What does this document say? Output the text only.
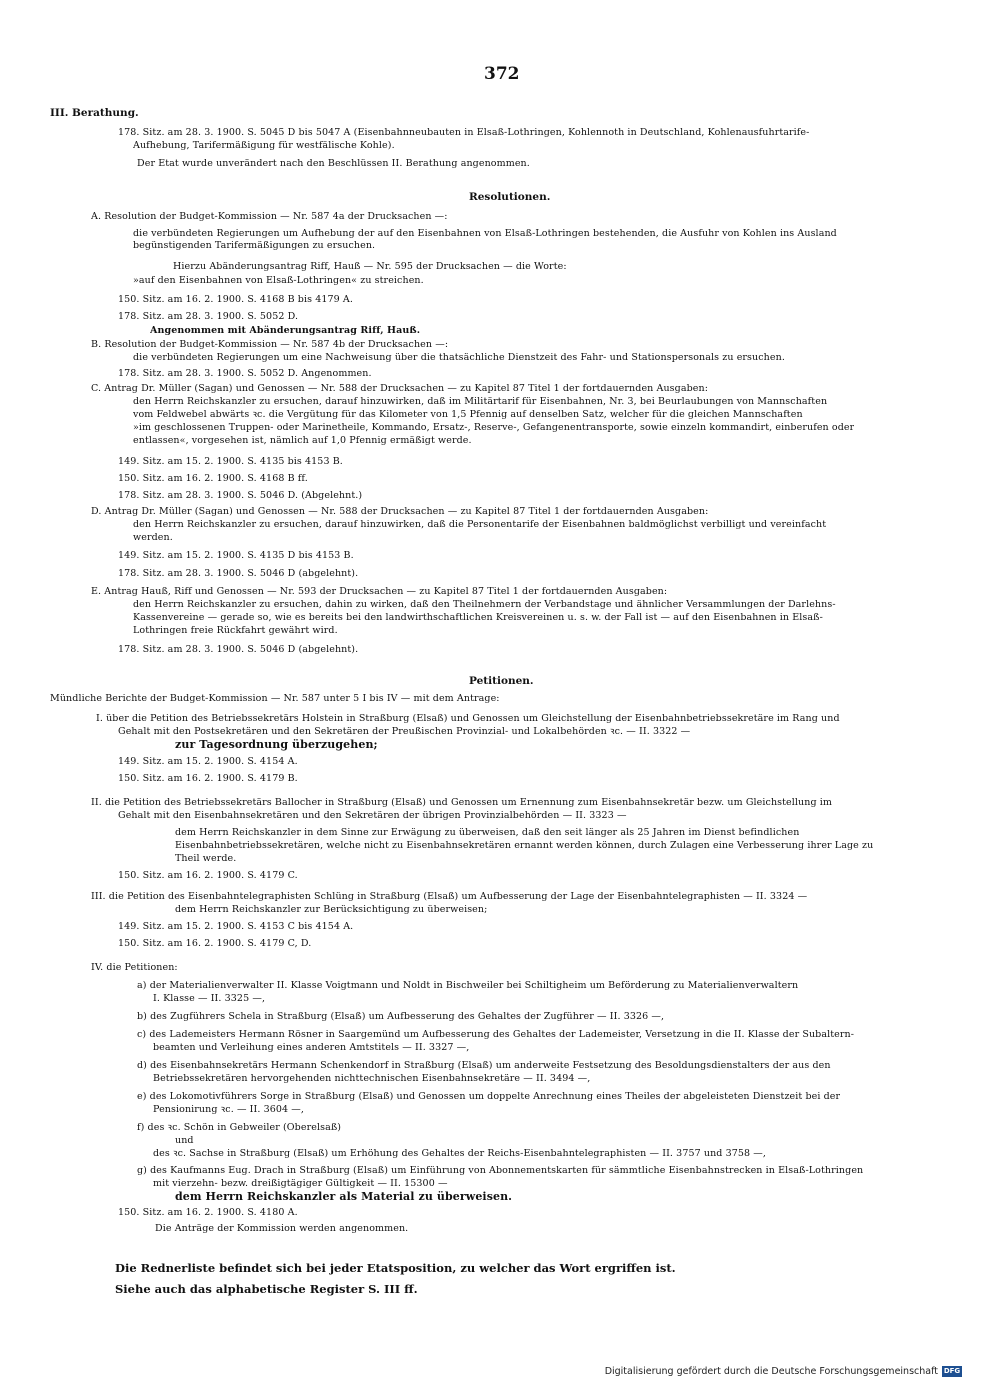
372
III. Berathung.
178. Sitz. am 28. 3. 1900. S. 5045 D bis 5047 A (Eisenbahnneubauten in Elsaß-Lothringen, Kohlennoth in Deutschland, Kohlenausfuhrtarife-
Aufhebung, Tarifermäßigung für westfälische Kohle).
Der Etat wurde unverändert nach den Beschlüssen II. Berathung angenommen.
Resolutionen.
A. Resolution der Budget-Kommission — Nr. 587 4a der Drucksachen —:
die verbündeten Regierungen um Aufhebung der auf den Eisenbahnen von Elsaß-Lothringen bestehenden, die Ausfuhr von Kohlen ins Ausland
begünstigenden Tarifermäßigungen zu ersuchen.
Hierzu Abänderungsantrag Riff, Hauß — Nr. 595 der Drucksachen — die Worte:
»auf den Eisenbahnen von Elsaß-Lothringen« zu streichen.
150. Sitz. am 16. 2. 1900. S. 4168 B bis 4179 A.
178. Sitz. am 28. 3. 1900. S. 5052 D.
Angenommen mit Abänderungsantrag Riff, Hauß.
B. Resolution der Budget-Kommission — Nr. 587 4b der Drucksachen —:
die verbündeten Regierungen um eine Nachweisung über die thatsächliche Dienstzeit des Fahr- und Stationspersonals zu ersuchen.
178. Sitz. am 28. 3. 1900. S. 5052 D. Angenommen.
C. Antrag Dr. Müller (Sagan) und Genossen — Nr. 588 der Drucksachen — zu Kapitel 87 Titel 1 der fortdauernden Ausgaben:
den Herrn Reichskanzler zu ersuchen, darauf hinzuwirken, daß im Militärtarif für Eisenbahnen, Nr. 3, bei Beurlaubungen von Mannschaften
vom Feldwebel abwärts ꝛc. die Vergütung für das Kilometer von 1,5 Pfennig auf denselben Satz, welcher für die gleichen Mannschaften
»im geschlossenen Truppen- oder Marinetheile, Kommando, Ersatz-, Reserve-, Gefangenentransporte, sowie einzeln kommandirt, einberufen oder
entlassen«, vorgesehen ist, nämlich auf 1,0 Pfennig ermäßigt werde.
149. Sitz. am 15. 2. 1900. S. 4135 bis 4153 B.
150. Sitz. am 16. 2. 1900. S. 4168 B ff.
178. Sitz. am 28. 3. 1900. S. 5046 D. (Abgelehnt.)
D. Antrag Dr. Müller (Sagan) und Genossen — Nr. 588 der Drucksachen — zu Kapitel 87 Titel 1 der fortdauernden Ausgaben:
den Herrn Reichskanzler zu ersuchen, darauf hinzuwirken, daß die Personentarife der Eisenbahnen baldmöglichst verbilligt und vereinfacht
werden.
149. Sitz. am 15. 2. 1900. S. 4135 D bis 4153 B.
178. Sitz. am 28. 3. 1900. S. 5046 D (abgelehnt).
E. Antrag Hauß, Riff und Genossen — Nr. 593 der Drucksachen — zu Kapitel 87 Titel 1 der fortdauernden Ausgaben:
den Herrn Reichskanzler zu ersuchen, dahin zu wirken, daß den Theilnehmern der Verbandstage und ähnlicher Versammlungen der Darlehns-
Kassenvereine — gerade so, wie es bereits bei den landwirthschaftlichen Kreisvereinen u. s. w. der Fall ist — auf den Eisenbahnen in Elsaß-
Lothringen freie Rückfahrt gewährt wird.
178. Sitz. am 28. 3. 1900. S. 5046 D (abgelehnt).
Petitionen.
Mündliche Berichte der Budget-Kommission — Nr. 587 unter 5 I bis IV — mit dem Antrage:
I. über die Petition des Betriebssekretärs Holstein in Straßburg (Elsaß) und Genossen um Gleichstellung der Eisenbahnbetriebssekretäre im Rang und
Gehalt mit den Postsekretären und den Sekretären der Preußischen Provinzial- und Lokalbehörden ꝛc. — II. 3322 —
zur Tagesordnung überzugehen;
149. Sitz. am 15. 2. 1900. S. 4154 A.
150. Sitz. am 16. 2. 1900. S. 4179 B.
II. die Petition des Betriebssekretärs Ballocher in Straßburg (Elsaß) und Genossen um Ernennung zum Eisenbahnsekretär bezw. um Gleichstellung im
Gehalt mit den Eisenbahnsekretären und den Sekretären der übrigen Provinzialbehörden — II. 3323 —
dem Herrn Reichskanzler in dem Sinne zur Erwägung zu überweisen, daß den seit länger als 25 Jahren im Dienst befindlichen
Eisenbahnbetriebssekretären, welche nicht zu Eisenbahnsekretären ernannt werden können, durch Zulagen eine Verbesserung ihrer Lage zu
Theil werde.
150. Sitz. am 16. 2. 1900. S. 4179 C.
III. die Petition des Eisenbahntelegraphisten Schlüng in Straßburg (Elsaß) um Aufbesserung der Lage der Eisenbahntelegraphisten — II. 3324 —
dem Herrn Reichskanzler zur Berücksichtigung zu überweisen;
149. Sitz. am 15. 2. 1900. S. 4153 C bis 4154 A.
150. Sitz. am 16. 2. 1900. S. 4179 C, D.
IV. die Petitionen:
a) der Materialienverwalter II. Klasse Voigtmann und Noldt in Bischweiler bei Schiltigheim um Beförderung zu Materialienverwaltern
I. Klasse — II. 3325 —,
b) des Zugführers Schela in Straßburg (Elsaß) um Aufbesserung des Gehaltes der Zugführer — II. 3326 —,
c) des Lademeisters Hermann Rösner in Saargemünd um Aufbesserung des Gehaltes der Lademeister, Versetzung in die II. Klasse der Subaltern-
beamten und Verleihung eines anderen Amtstitels — II. 3327 —,
d) des Eisenbahnsekretärs Hermann Schenkendorf in Straßburg (Elsaß) um anderweite Festsetzung des Besoldungsdienstalters der aus den
Betriebssekretären hervorgehenden nichttechnischen Eisenbahnsekretäre — II. 3494 —,
e) des Lokomotivführers Sorge in Straßburg (Elsaß) und Genossen um doppelte Anrechnung eines Theiles der abgeleisteten Dienstzeit bei der
Pensionirung ꝛc. — II. 3604 —,
f) des ꝛc. Schön in Gebweiler (Oberelsaß)
und
des ꝛc. Sachse in Straßburg (Elsaß) um Erhöhung des Gehaltes der Reichs-Eisenbahntelegraphisten — II. 3757 und 3758 —,
g) des Kaufmanns Eug. Drach in Straßburg (Elsaß) um Einführung von Abonnementskarten für sämmtliche Eisenbahnstrecken in Elsaß-Lothringen
mit vierzehn- bezw. dreißigtägiger Gültigkeit — II. 15300 —
dem Herrn Reichskanzler als Material zu überweisen.
150. Sitz. am 16. 2. 1900. S. 4180 A.
Die Anträge der Kommission werden angenommen.
Die Rednerliste befindet sich bei jeder Etatsposition, zu welcher das Wort ergriffen ist.
Siehe auch das alphabetische Register S. III ff.
Digitalisierung gefördert durch die Deutsche Forschungsgemeinschaft DFG
